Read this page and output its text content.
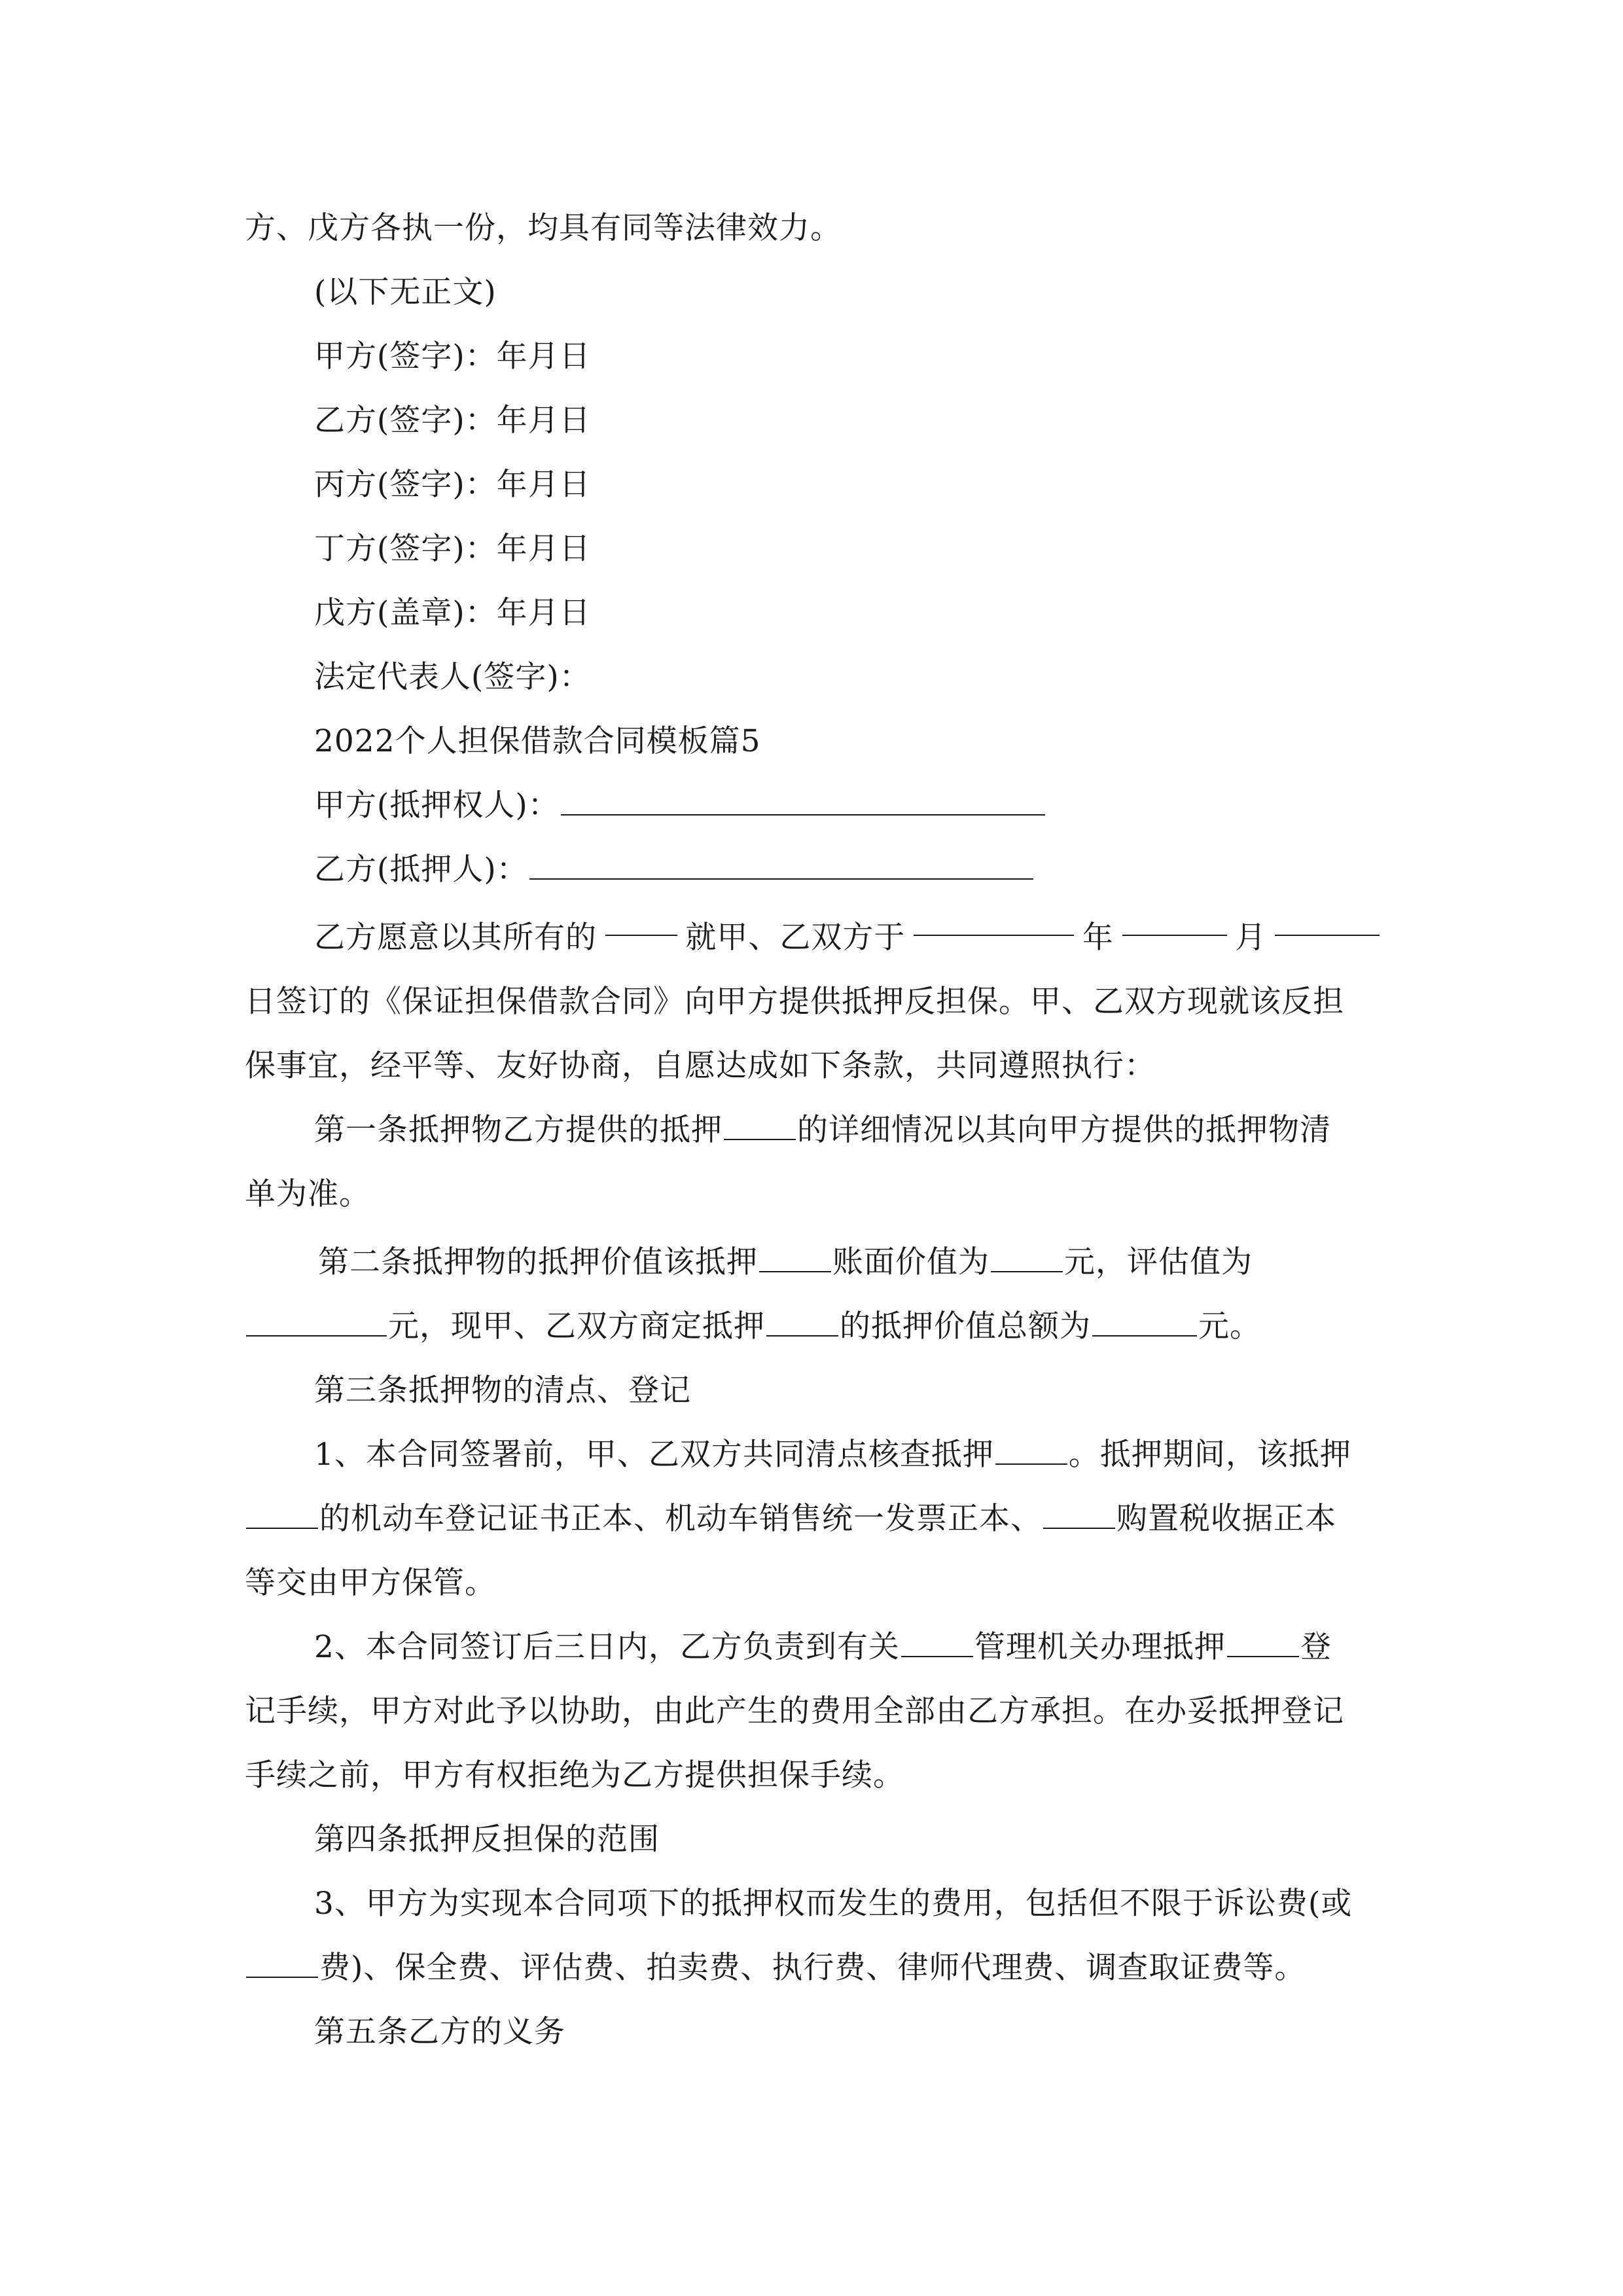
方、戊方各执一份，均具有同等法律效力。
(以下无正文)
甲方(签字)：年月日
乙方(签字)：年月日
丙方(签字)：年月日
丁方(签字)：年月日
戊方(盖章)：年月日
法定代表人(签字)：
2022个人担保借款合同模板篇5
甲方(抵押权人)：
乙方(抵押人)：
乙方愿意以其所有的	就甲、乙双方于	年	月
日签订的《保证担保借款合同》向甲方提供抵押反担保。甲、乙双方现就该反担
保事宜，经平等、友好协商，自愿达成如下条款，共同遵照执行：
第一条抵押物乙方提供的抵押 的详细情况以其向甲方提供的抵押物清
单为准。
第二条抵押物的抵押价值该抵押 账面价值为 元，评估值为
元，现甲、乙双方商定抵押 的抵押价值总额为	元。
第三条抵押物的清点、登记
1、本合同签署前，甲、乙双方共同清点核查抵押 。抵押期间，该抵押
的机动车登记证书正本、机动车销售统一发票正本、 购置税收据正本
等交由甲方保管。
2、本合同签订后三日内，乙方负责到有关 管理机关办理抵押 登
记手续，甲方对此予以协助，由此产生的费用全部由乙方承担。在办妥抵押登记
手续之前，甲方有权拒绝为乙方提供担保手续。
第四条抵押反担保的范围
3、甲方为实现本合同项下的抵押权而发生的费用，包括但不限于诉讼费(或
费)、保全费、评估费、拍卖费、执行费、律师代理费、调查取证费等。
第五条乙方的义务
